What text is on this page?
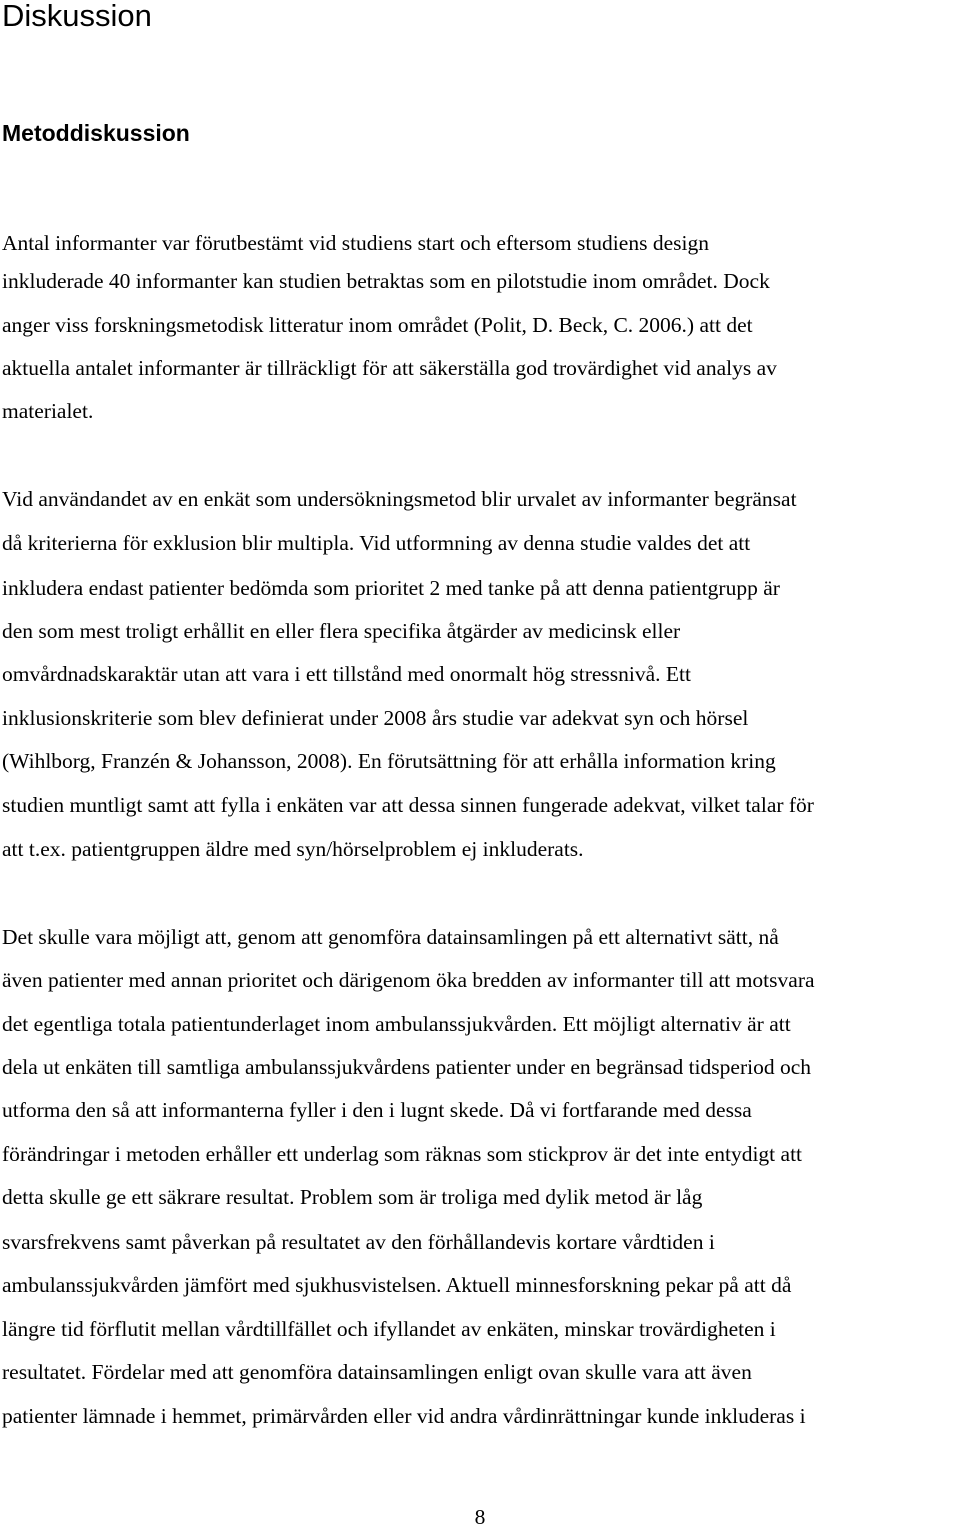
Diskussion
Metoddiskussion

Antal informanter var förutbestämt vid studiens start och eftersom studiens design

inkluderade 40 informanter kan studien betraktas som en pilotstudie inom området. Dock

anger viss forskningsmetodisk litteratur inom området (Polit, D. Beck, C. 2006.) att det

aktuella antalet informanter är tillräckligt för att säkerställa god trovärdighet vid analys av

materialet.

Vid användandet av en enkät som undersökningsmetod blir urvalet av informanter begränsat

då kriterierna för exklusion blir multipla. Vid utformning av denna studie valdes det att

inkludera endast patienter bedömda som prioritet 2 med tanke på att denna patientgrupp är

den som mest troligt erhållit en eller flera specifika åtgärder av medicinsk eller

omvårdnadskaraktär utan att vara i ett tillstånd med onormalt hög stressnivå. Ett

inklusionskriterie som blev definierat under 2008 års studie var adekvat syn och hörsel

(Wihlborg, Franzén & Johansson, 2008). En förutsättning för att erhålla information kring

studien muntligt samt att fylla i enkäten var att dessa sinnen fungerade adekvat, vilket talar för

att t.ex. patientgruppen äldre med syn/hörselproblem ej inkluderats.

Det skulle vara möjligt att, genom att genomföra datainsamlingen på ett alternativt sätt, nå

även patienter med annan prioritet och därigenom öka bredden av informanter till att motsvara

det egentliga totala patientunderlaget inom ambulanssjukvården. Ett möjligt alternativ är att

dela ut enkäten till samtliga ambulanssjukvårdens patienter under en begränsad tidsperiod och

utforma den så att informanterna fyller i den i lugnt skede. Då vi fortfarande med dessa

förändringar i metoden erhåller ett underlag som räknas som stickprov är det inte entydigt att

detta skulle ge ett säkrare resultat. Problem som är troliga med dylik metod är låg

svarsfrekvens samt påverkan på resultatet av den förhållandevis kortare vårdtiden i

ambulanssjukvården jämfört med sjukhusvistelsen. Aktuell minnesforskning pekar på att då

längre tid förflutit mellan vårdtillfället och ifyllandet av enkäten, minskar trovärdigheten i

resultatet. Fördelar med att genomföra datainsamlingen enligt ovan skulle vara att även

patienter lämnade i hemmet, primärvården eller vid andra vårdinrättningar kunde inkluderas i

8
